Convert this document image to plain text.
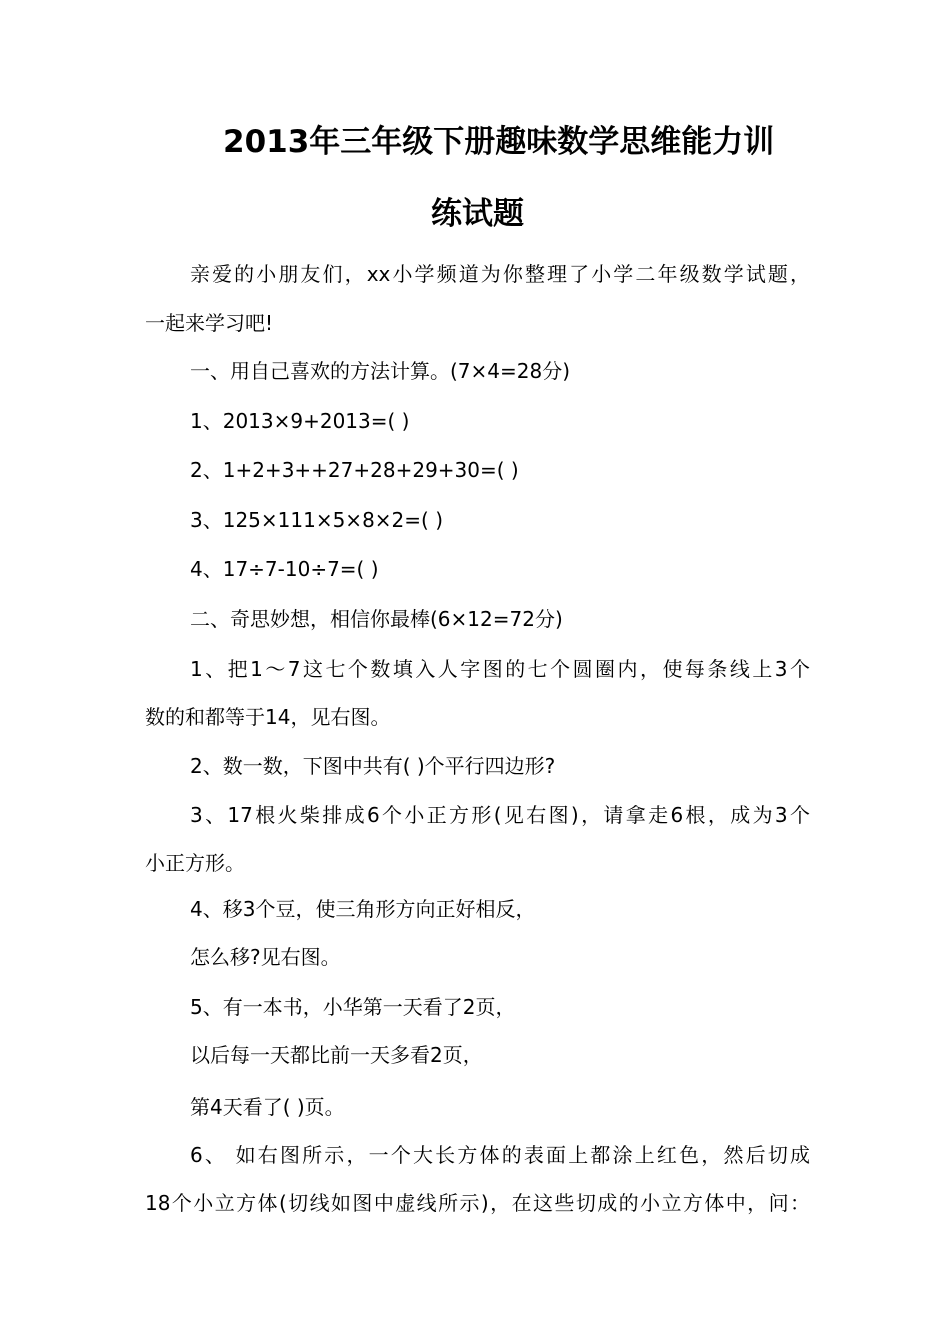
2013年三年级下册趣味数学思维能力训
练试题
亲爱的小朋友们，xx小学频道为你整理了小学二年级数学试题，
一起来学习吧!
一、用自己喜欢的方法计算。(7×4=28分)
1、2013×9+2013=( )
2、1+2+3++27+28+29+30=( )
3、125×111×5×8×2=( )
4、17÷7-10÷7=( )
二、奇思妙想，相信你最棒(6×12=72分)
1、把1～7这七个数填入人字图的七个圆圈内，使每条线上3个
数的和都等于14，见右图。
2、数一数，下图中共有( )个平行四边形?
3、17根火柴排成6个小正方形(见右图)，请拿走6根，成为3个
小正方形。
4、移3个豆，使三角形方向正好相反，
怎么移?见右图。
5、有一本书，小华第一天看了2页，
以后每一天都比前一天多看2页，
第4天看了( )页。
6、 如右图所示，一个大长方体的表面上都涂上红色，然后切成
18个小立方体(切线如图中虚线所示)，在这些切成的小立方体中，问：
